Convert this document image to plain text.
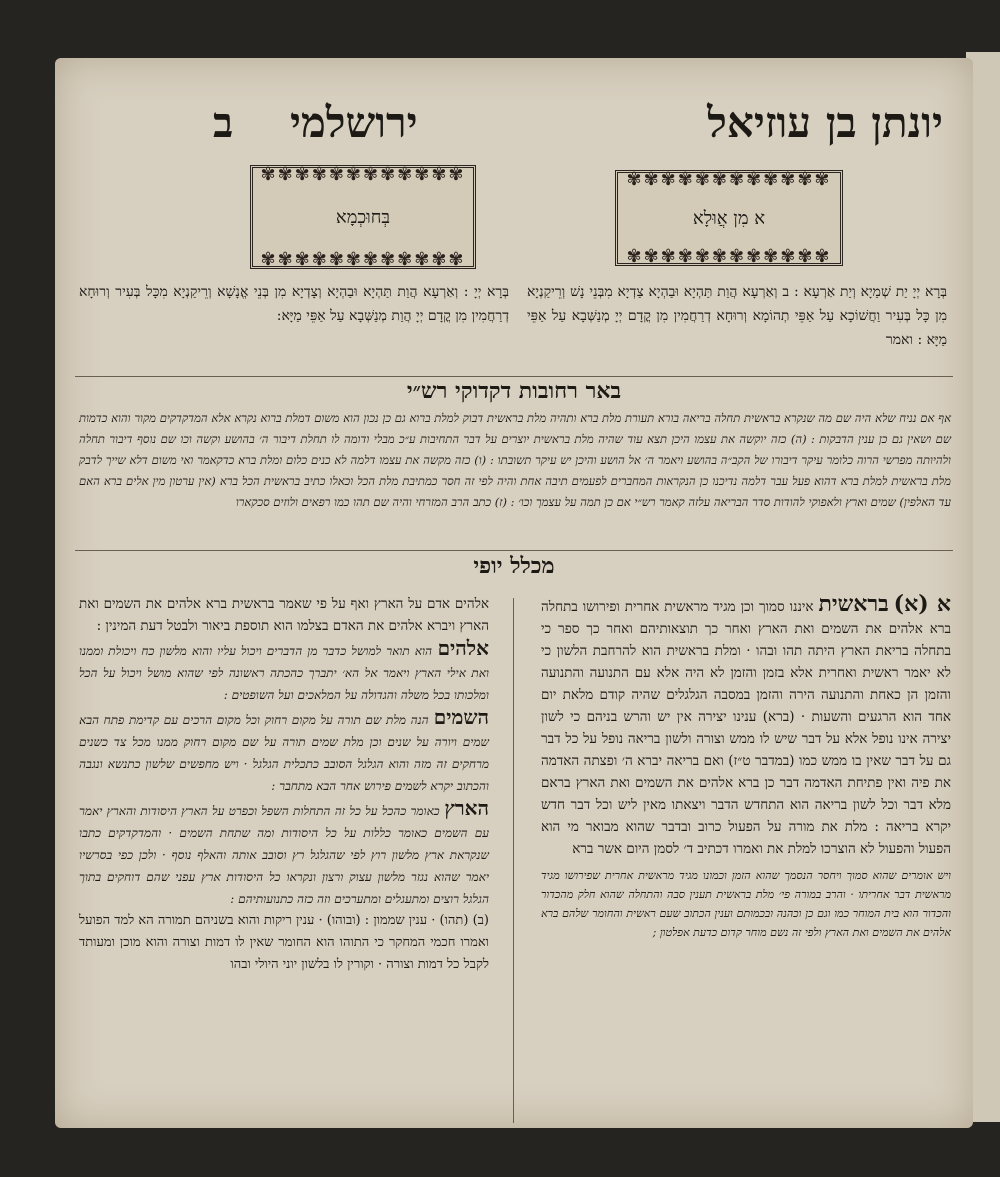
יונתן בן עוזיאל
ירושלמי
ב
✾✾✾✾✾✾✾✾✾✾✾✾
א מִן אֲוּלָא
✾✾✾✾✾✾✾✾✾✾✾✾
✾✾✾✾✾✾✾✾✾✾✾✾
בְּחוּכְמָא
✾✾✾✾✾✾✾✾✾✾✾✾
בְּרָא יְיָ יַת שְׁמַיָא וְיַת אַרְעָא : ב וְאַרְעָא הֲוַת תַּהְיָא וּבַהְיָא צַדְיָא מִבְּנֵי נָשׁ וְרֵיקַנְיָא מִן כָּל בְּעִיר וַחֲשׁוֹכָא עַל אַפֵּי תְהוֹמָא וְרוּחָא דְרַחֲמִין מִן קֳדָם יְיָ מְנַשְּׁבָא עַל אַפֵּי מַיָּא : ואמר
בְּרָא יְיָ : וְאַרְעָא הֲוַת תַּהְיָא וּבַהְיָא וְצָדְיָא מִן בְּנֵי אֱנָשָׁא וְרֵיקַנְיָא מִכָּל בְּעִיר וְרוּחָא דְרַחֲמִין מִן קֳדָם יְיָ הֲוַת מְנַשְּׁבָא עַל אַפֵּי מַיָּא:
באר רחובות דקדוקי רש״י
אף אם נניח שלא היה שם מה שנקרא בראשית תחלה בריאה בורא תעורת מלת ברא ותהיה מלת בראשית דבוק למלת ברוא גם כן נכון הוא משום דמלת ברוא נקרא אלא המדקדקים מקור והוא כדמות שם ושאין גם כן ענין הדבקות : (ה) כזה יוקשה את עצמו היכן תצא עוד שהיה מלת בראשית יוצרים על דבר התחיבות ע״כ מבלי ודומה לו תחלת דיבור ה׳ בהושע וקשה וכו שם נוסף דיבור תחלה ולהיותה מפרשי הרוה כלומר עיקר דיבורו של הקב״ה בהושע ויאמר ה׳ אל הושע והיכן יש עיקר תשובתו : (ו) כזה מקשה את עצמו דלמה לא כנים כלום ומלת ברא כדקאמר ואי משום דלא שייך לדבק מלת בראשית למלת ברא דהוא פעל עבר דלמה נדיכנו כן הנקראות המחברים לפעמים תיבה אחת והיה לפי זה חסר כמתיבת מלת הכל וכאלו כתיב בראשית הכל ברא (אין ערטון מין אלים ברא האם עד האלפין) שמים וארץ ולאפוקי להודות סדר הבריאה עלזה קאמר רש״י אם כן תמה על עצמך וכו׳ : (ז) כתב הרב המזרחי והיה שם תהו כמו רפאים ולוזים סכקארו
מכלל יופי
א (א) בראשית איננו סמוך וכן מגיד מראשית אחרית ופירושו בתחלה ברא אלהים את השמים ואת הארץ ואחר כך תוצאותיהם ואחר כך ספר כי בתחלה בריאת הארץ היתה תהו ובהו · ומלת בראשית הוא להרחבת הלשון כי לא יאמר ראשית ואחרית אלא בזמן והזמן לא היה אלא עם התנועה והתנועה והזמן הן כאחת והתנועה הירה והזמן במסבה הגלגלים שהיה קודם מלאת יום אחד הוא הרגעים והשעות · (ברא) ענינו יצירה אין יש והרש בניהם כי לשון יצירה אינו נופל אלא על דבר שיש לו ממש וצורה ולשון בריאה נופל על כל דבר גם על דבר שאין בו ממש כמו (במדבר ט״ז) ואם בריאה יברא ה׳ ופצתה האדמה את פיה ואין פתיחת האדמה דבר כן ברא אלהים את השמים ואת הארץ בראם מלא דבר וכל לשון בריאה הוא התחדש הדבר ויצאתו מאין ליש וכל דבר חדש יקרא בריאה : מלת את מורה על הפעול כרוב ובדבר שהוא מבואר מי הוא הפעול והפעול לא הוצרכו למלת את ואמרו דכתיב ד׳ לסמן היום אשר ברא
ויש אומרים שהוא סמוך ויחסר הנסמך שהוא הזמן וכמונו מגיד מראשית אחרית שפירושו מגיד מראשית דבר אחריתו · והרב במורה פי׳ מלת בראשית תענין סבה והתחלה שהוא חלק מהכדור והכדור הוא בית המוחר כמו וגם כן וכהנה ובכמותם וענין הכתוב שעם ראשית והחומר שלהם ברא אלהים את השמים ואת הארץ ולפי זה נשם מוחר קדום כדעת אפלטון ;
אלהים אדם על הארץ ואף על פי שאמר בראשית ברא אלהים את השמים ואת הארץ ויברא אלהים את האדם בצלמו הוא תוספת ביאור ולבטל דעת המינין :
אלהים הוא תואר למושל כדבר מן הדברים ויכול עליו והוא מלשון כח ויכולת וממנו ואת אילי הארץ ויאמר אל הא׳ יתברך כהכתה ראשונה לפי שהוא מושל ויכול על הכל ומלכותו בכל משלה והגדולה על המלאכים ועל השופטים :
השמים הנה מלת שם תורה על מקום רחוק וכל מקום הרכים עם קדימת פתח הבא שמים ויורה על שנים וכן מלת שמים תורה על שם מקום רחוק ממנו מכל צד כשנים מרחקים זה מזה והוא הגלגל הסובב כתכלית הגלגל · ויש מחפשים שלשון כתנשא ונגבה והכתוב יקרא לשמים פירוש אחר הבא מתחבר :
הארץ כאומר כהכל על כל זה התחלות השפל וכפרט על הארץ היסודות והארץ יאמר עם השמים כאומר כללות על כל היסודות ומה שתחת השמים · והמדקדקים כתבו שנקראת ארץ מלשון רוץ לפי שהגלגל רץ וסובב אותה והאלף נוסף · ולכן כפי בסרשיו יאמר שהוא נגזר מלשון עצוק ורצון ונקראו כל היסודות ארץ עפני שהם דוחקים בתוך הגלגל רוצים ומתעגלים ומתערכים וזה כזה כתנועותיהם :
(ב) (תהו) · ענין שממון : (ובוהו) · ענין ריקות והוא בשניהם תמורה הא למד הפועל ואמרו חכמי המחקר כי התוהו הוא החומר שאין לו דמות וצורה והוא מוכן ומעותד לקבל כל דמות וצורה · וקורין לו בלשון יוני היולי ובהו
